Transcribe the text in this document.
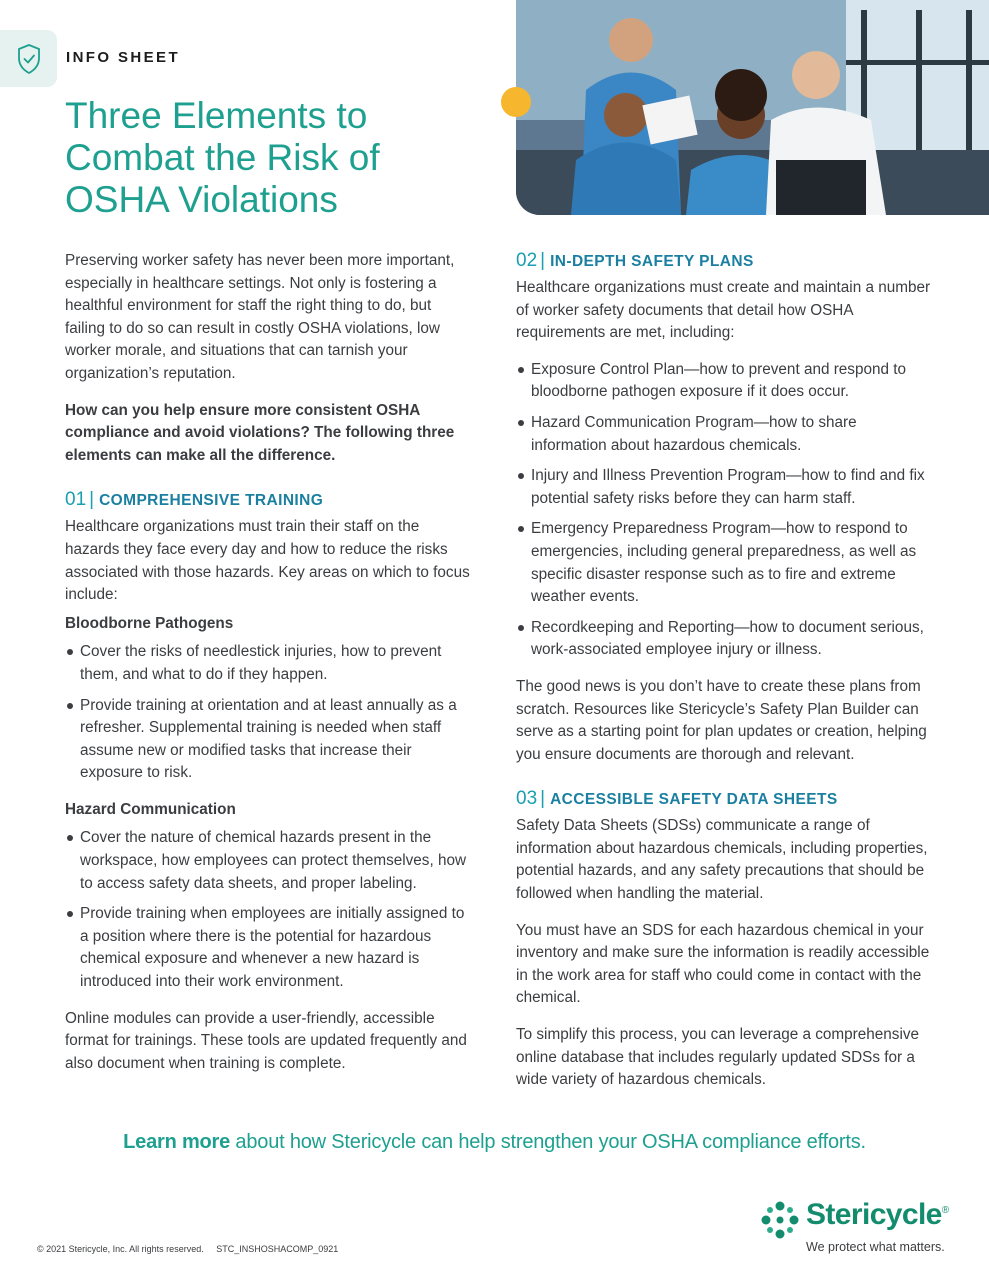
INFO SHEET
Three Elements to Combat the Risk of OSHA Violations

Preserving worker safety has never been more important, especially in healthcare settings. Not only is fostering a healthful environment for staff the right thing to do, but failing to do so can result in costly OSHA violations, low worker morale, and situations that can tarnish your organization’s reputation.

How can you help ensure more consistent OSHA compliance and avoid violations? The following three elements can make all the difference.

01 | COMPREHENSIVE TRAINING

Healthcare organizations must train their staff on the hazards they face every day and how to reduce the risks associated with those hazards. Key areas on which to focus include:

Bloodborne Pathogens
Cover the risks of needlestick injuries, how to prevent them, and what to do if they happen.
Provide training at orientation and at least annually as a refresher. Supplemental training is needed when staff assume new or modified tasks that increase their exposure to risk.
Hazard Communication
Cover the nature of chemical hazards present in the workspace, how employees can protect themselves, how to access safety data sheets, and proper labeling.
Provide training when employees are initially assigned to a position where there is the potential for hazardous chemical exposure and whenever a new hazard is introduced into their work environment.

Online modules can provide a user-friendly, accessible format for trainings. These tools are updated frequently and also document when training is complete.

02 | IN-DEPTH SAFETY PLANS

Healthcare organizations must create and maintain a number of worker safety documents that detail how OSHA requirements are met, including:

Exposure Control Plan—how to prevent and respond to bloodborne pathogen exposure if it does occur.
Hazard Communication Program—how to share information about hazardous chemicals.
Injury and Illness Prevention Program—how to find and fix potential safety risks before they can harm staff.
Emergency Preparedness Program—how to respond to emergencies, including general preparedness, as well as specific disaster response such as to fire and extreme weather events.
Recordkeeping and Reporting—how to document serious, work-associated employee injury or illness.

The good news is you don’t have to create these plans from scratch. Resources like Stericycle’s Safety Plan Builder can serve as a starting point for plan updates or creation, helping you ensure documents are thorough and relevant.

03 | ACCESSIBLE SAFETY DATA SHEETS

Safety Data Sheets (SDSs) communicate a range of information about hazardous chemicals, including properties, potential hazards, and any safety precautions that should be followed when handling the material.

You must have an SDS for each hazardous chemical in your inventory and make sure the information is readily accessible in the work area for staff who could come in contact with the chemical.

To simplify this process, you can leverage a comprehensive online database that includes regularly updated SDSs for a wide variety of hazardous chemicals.

Learn more about how Stericycle can help strengthen your OSHA compliance efforts.
© 2021 Stericycle, Inc. All rights reserved. STC_INSHOSHACOMP_0921
Stericycle®
We protect what matters.
